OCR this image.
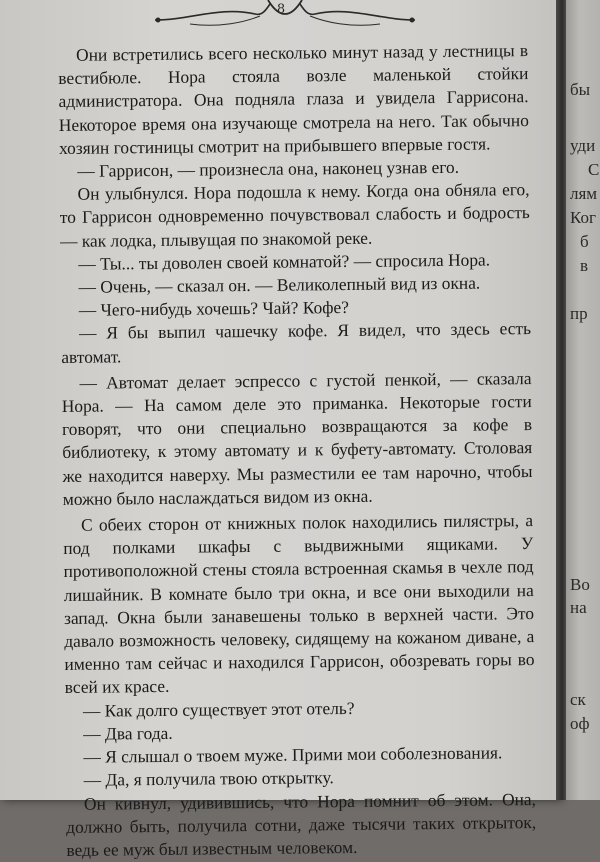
8

Они встретились всего несколько минут назад у лестницы в вестибюле. Нора стояла возле маленькой стойки администратора. Она подняла глаза и увидела Гаррисона. Некоторое время она изучающе смотрела на него. Так обычно хозяин гостиницы смотрит на прибывшего впервые гостя.

— Гаррисон, — произнесла она, наконец узнав его.

Он улыбнулся. Нора подошла к нему. Когда она обняла его, то Гаррисон одновременно почувствовал слабость и бодрость — как лодка, плывущая по знакомой реке.

— Ты... ты доволен своей комнатой? — спросила Нора.

— Очень, — сказал он. — Великолепный вид из окна.

— Чего-нибудь хочешь? Чай? Кофе?

— Я бы выпил чашечку кофе. Я видел, что здесь есть автомат.

— Автомат делает эспрессо с густой пенкой, — сказала Нора. — На самом деле это приманка. Некоторые гости говорят, что они специально возвращаются за кофе в библиотеку, к этому автомату и к буфету-автомату. Столовая же находится наверху. Мы разместили ее там нарочно, чтобы можно было наслаждаться видом из окна.

С обеих сторон от книжных полок находились пилястры, а под полками шкафы с выдвижными ящиками. У противоположной стены стояла встроенная скамья в чехле под лишайник. В комнате было три окна, и все они выходили на запад. Окна были занавешены только в верхней части. Это давало возможность человеку, сидящему на кожаном диване, а именно там сейчас и находился Гаррисон, обозревать горы во всей их красе.

— Как долго существует этот отель?

— Два года.

— Я слышал о твоем муже. Прими мои соболезнования.

— Да, я получила твою открытку.

Он кивнул, удивившись, что Нора помнит об этом. Она, должно быть, получила сотни, даже тысячи таких открыток, ведь ее муж был известным человеком.

бы
уди
С
лям
Ког
б
в
пр
Во
на
ск
оф
